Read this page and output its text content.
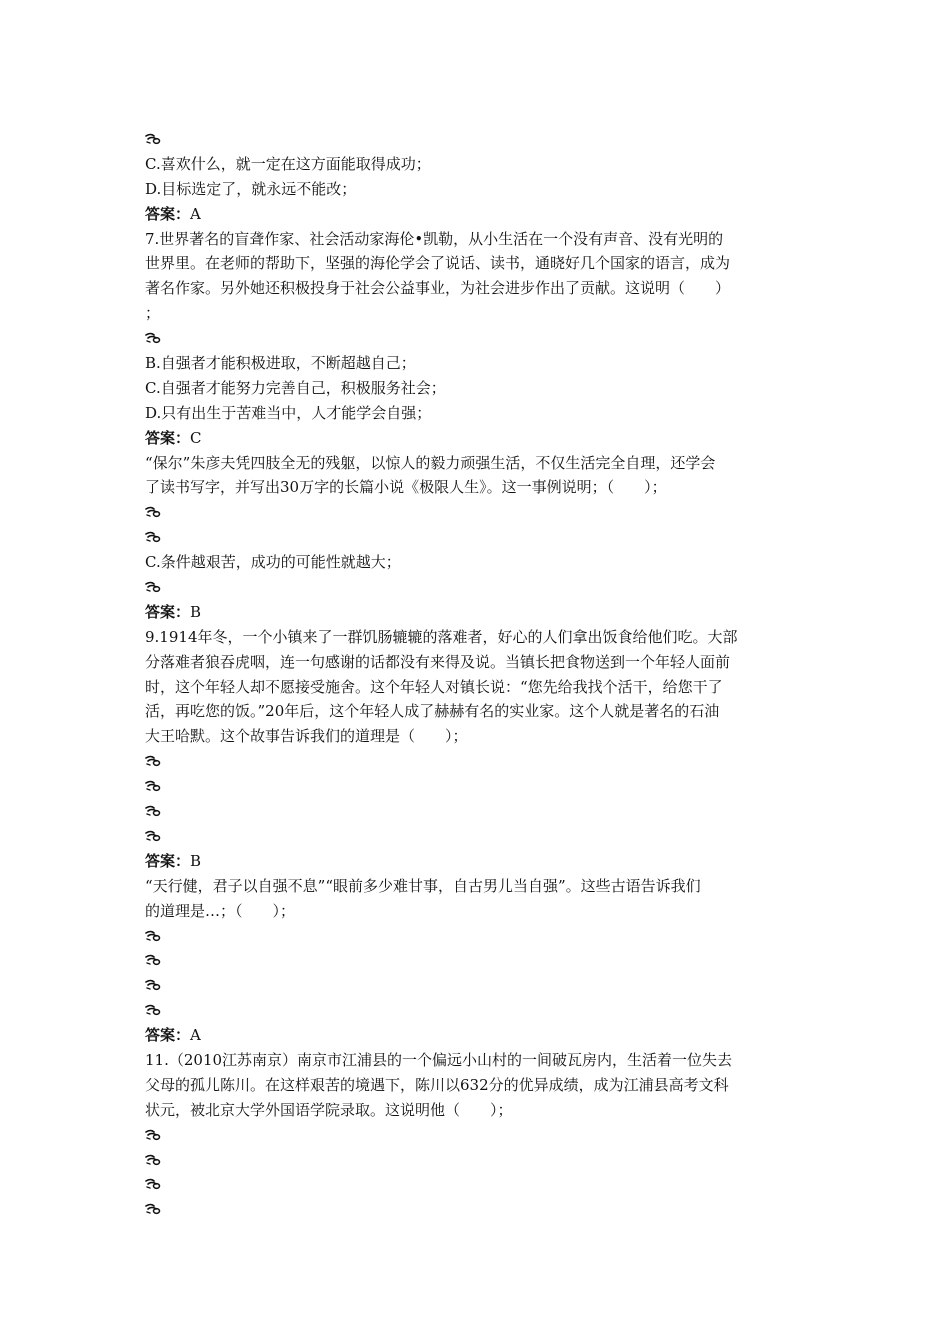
C.喜欢什么，就一定在这方面能取得成功；
D.目标选定了，就永远不能改；
答案：A
7.世界著名的盲聋作家、社会活动家海伦•凯勒，从小生活在一个没有声音、没有光明的
世界里。在老师的帮助下，坚强的海伦学会了说话、读书，通晓好几个国家的语言，成为
著名作家。另外她还积极投身于社会公益事业，为社会进步作出了贡献。这说明（　　）
；
B.自强者才能积极进取，不断超越自己；
C.自强者才能努力完善自己，积极服务社会；
D.只有出生于苦难当中，人才能学会自强；
答案：C
“保尔”朱彦夫凭四肢全无的残躯，以惊人的毅力顽强生活，不仅生活完全自理，还学会
了读书写字，并写出30万字的长篇小说《极限人生》。这一事例说明；（　　）；
C.条件越艰苦，成功的可能性就越大；
答案：B
9.1914年冬，一个小镇来了一群饥肠辘辘的落难者，好心的人们拿出饭食给他们吃。大部
分落难者狼吞虎咽，连一句感谢的话都没有来得及说。当镇长把食物送到一个年轻人面前
时，这个年轻人却不愿接受施舍。这个年轻人对镇长说：“您先给我找个活干，给您干了
活，再吃您的饭。”20年后，这个年轻人成了赫赫有名的实业家。这个人就是著名的石油
大王哈默。这个故事告诉我们的道理是（　　）；
答案：B
“天行健，君子以自强不息”“眼前多少难甘事，自古男儿当自强”。这些古语告诉我们
的道理是…；（　　）；
答案：A
11.（2010江苏南京）南京市江浦县的一个偏远小山村的一间破瓦房内，生活着一位失去
父母的孤儿陈川。在这样艰苦的境遇下，陈川以632分的优异成绩，成为江浦县高考文科
状元，被北京大学外国语学院录取。这说明他（　　）；
